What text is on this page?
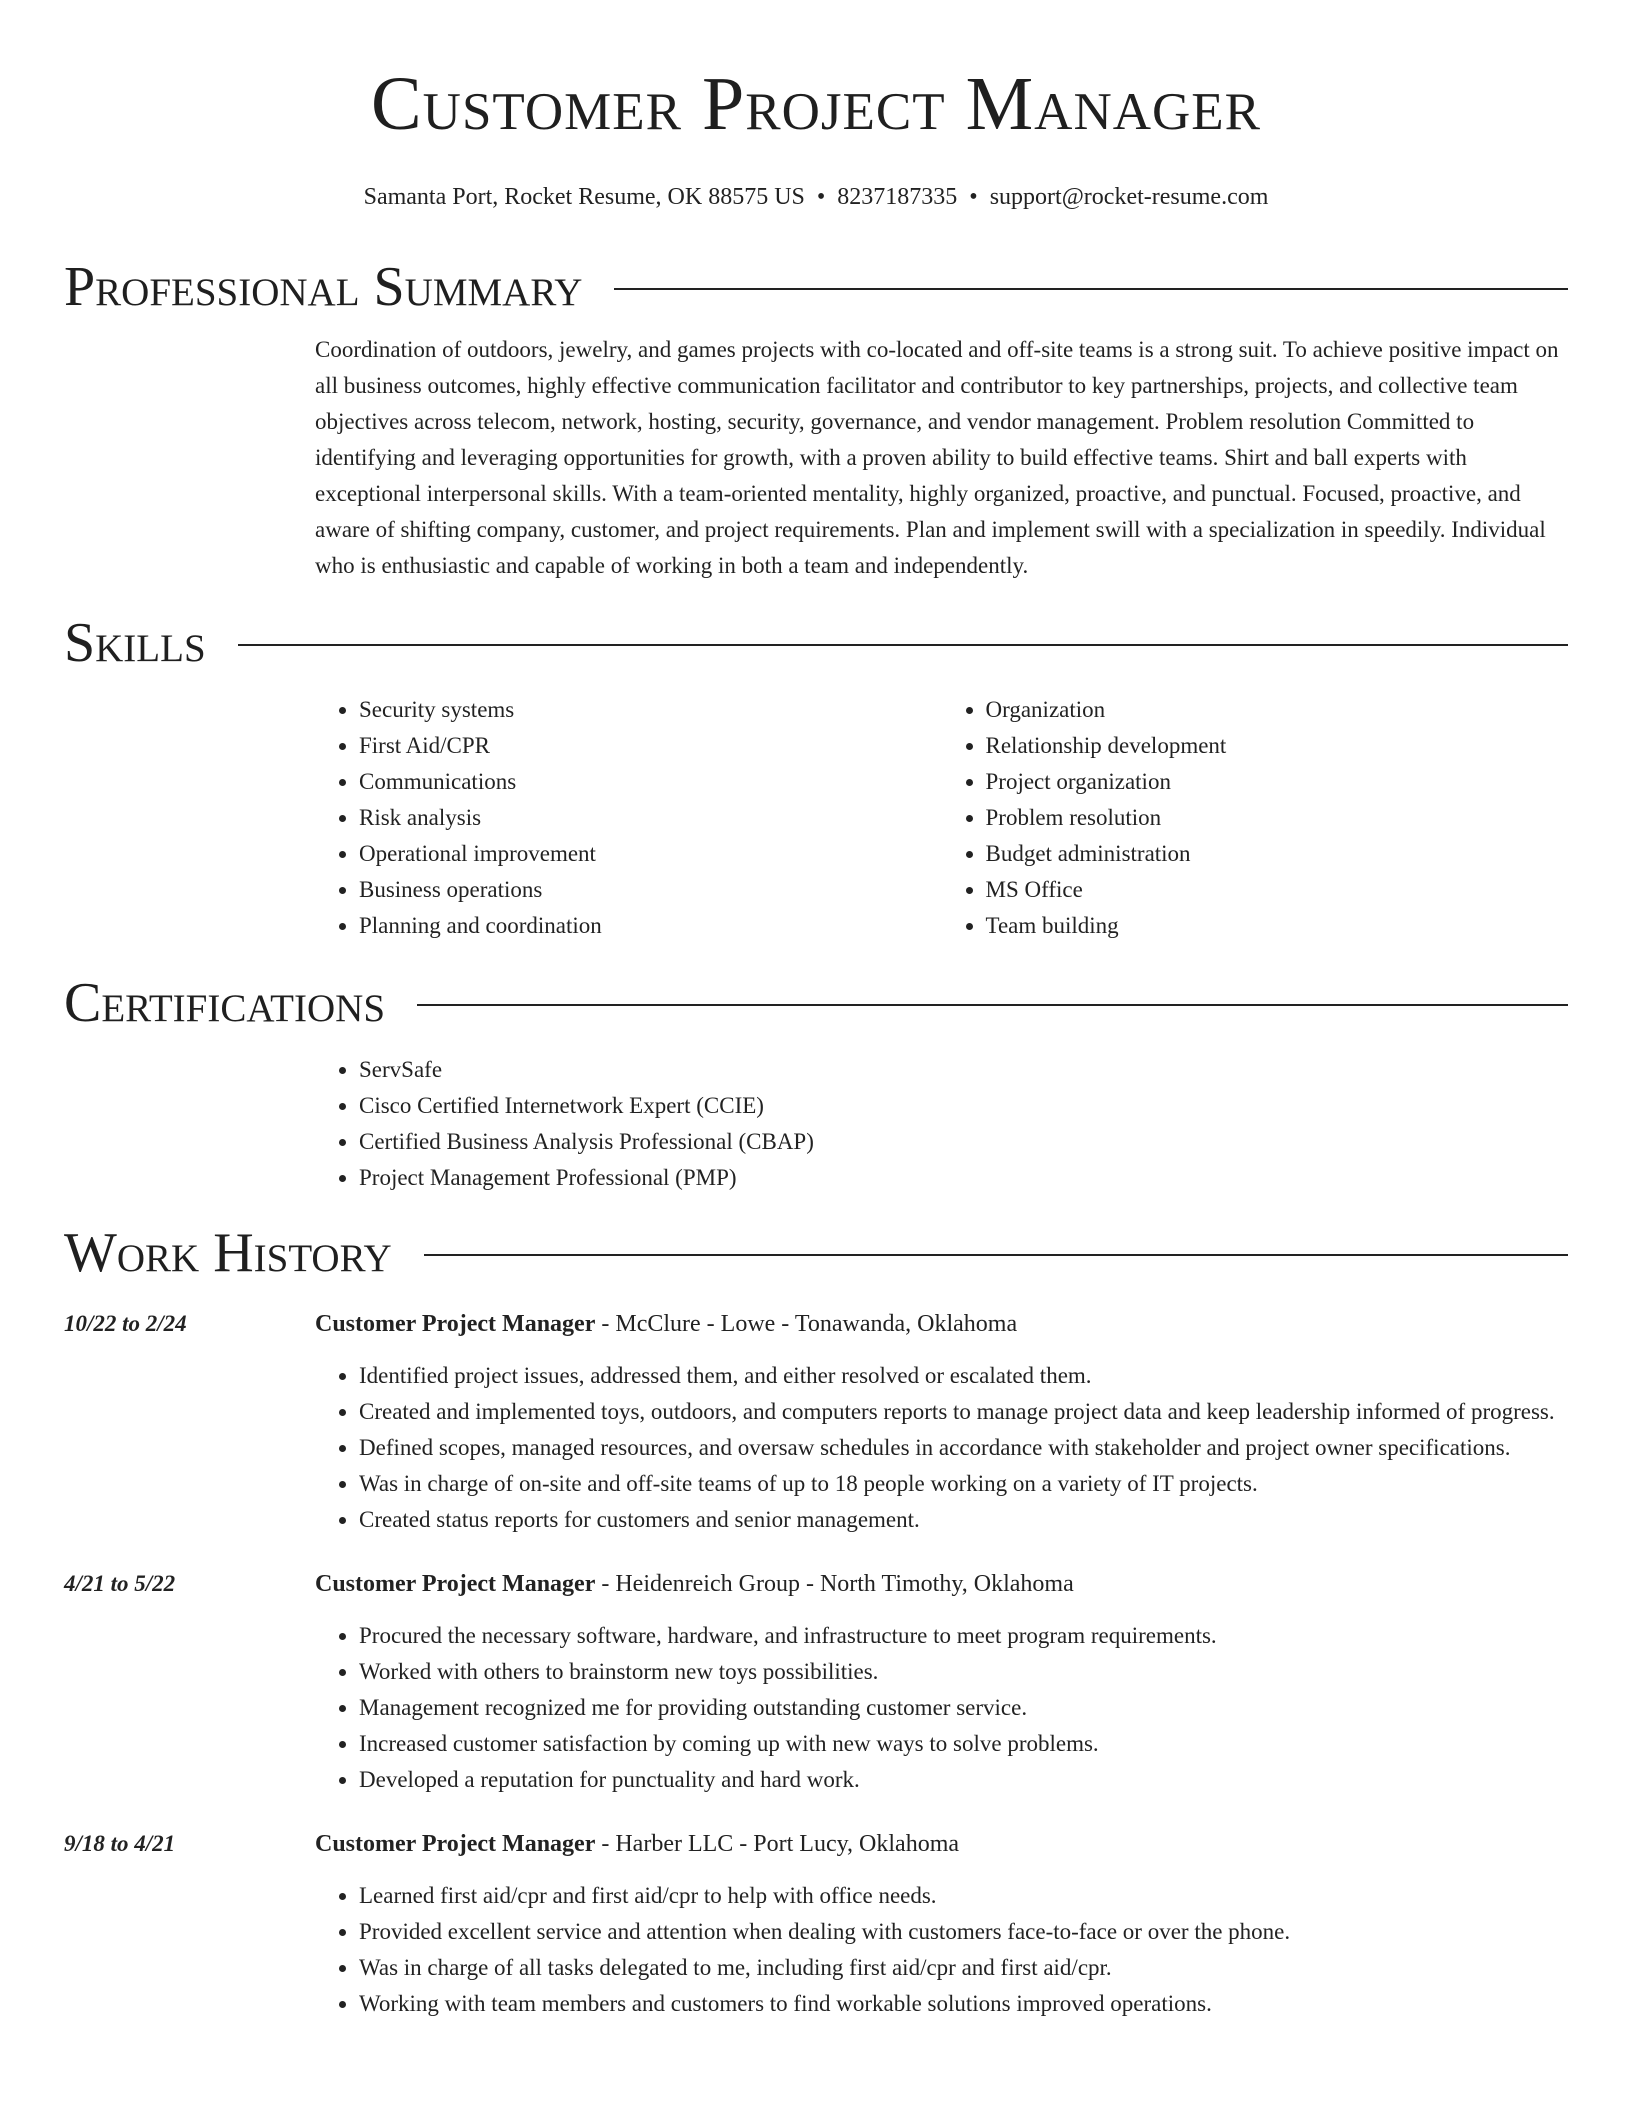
Customer Project Manager
Samanta Port, Rocket Resume, OK 88575 US • 8237187335 • support@rocket-resume.com
Professional Summary
Coordination of outdoors, jewelry, and games projects with co-located and off-site teams is a strong suit. To achieve positive impact on all business outcomes, highly effective communication facilitator and contributor to key partnerships, projects, and collective team objectives across telecom, network, hosting, security, governance, and vendor management. Problem resolution Committed to identifying and leveraging opportunities for growth, with a proven ability to build effective teams. Shirt and ball experts with exceptional interpersonal skills. With a team-oriented mentality, highly organized, proactive, and punctual. Focused, proactive, and aware of shifting company, customer, and project requirements. Plan and implement swill with a specialization in speedily. Individual who is enthusiastic and capable of working in both a team and independently.
Skills
• Security systems
• First Aid/CPR
• Communications
• Risk analysis
• Operational improvement
• Business operations
• Planning and coordination
• Organization
• Relationship development
• Project organization
• Problem resolution
• Budget administration
• MS Office
• Team building
Certifications
• ServSafe
• Cisco Certified Internetwork Expert (CCIE)
• Certified Business Analysis Professional (CBAP)
• Project Management Professional (PMP)
Work History
10/22 to 2/24	Customer Project Manager - McClure - Lowe - Tonawanda, Oklahoma
• Identified project issues, addressed them, and either resolved or escalated them.
• Created and implemented toys, outdoors, and computers reports to manage project data and keep leadership informed of progress.
• Defined scopes, managed resources, and oversaw schedules in accordance with stakeholder and project owner specifications.
• Was in charge of on-site and off-site teams of up to 18 people working on a variety of IT projects.
• Created status reports for customers and senior management.
4/21 to 5/22	Customer Project Manager - Heidenreich Group - North Timothy, Oklahoma
• Procured the necessary software, hardware, and infrastructure to meet program requirements.
• Worked with others to brainstorm new toys possibilities.
• Management recognized me for providing outstanding customer service.
• Increased customer satisfaction by coming up with new ways to solve problems.
• Developed a reputation for punctuality and hard work.
9/18 to 4/21	Customer Project Manager - Harber LLC - Port Lucy, Oklahoma
• Learned first aid/cpr and first aid/cpr to help with office needs.
• Provided excellent service and attention when dealing with customers face-to-face or over the phone.
• Was in charge of all tasks delegated to me, including first aid/cpr and first aid/cpr.
• Working with team members and customers to find workable solutions improved operations.
